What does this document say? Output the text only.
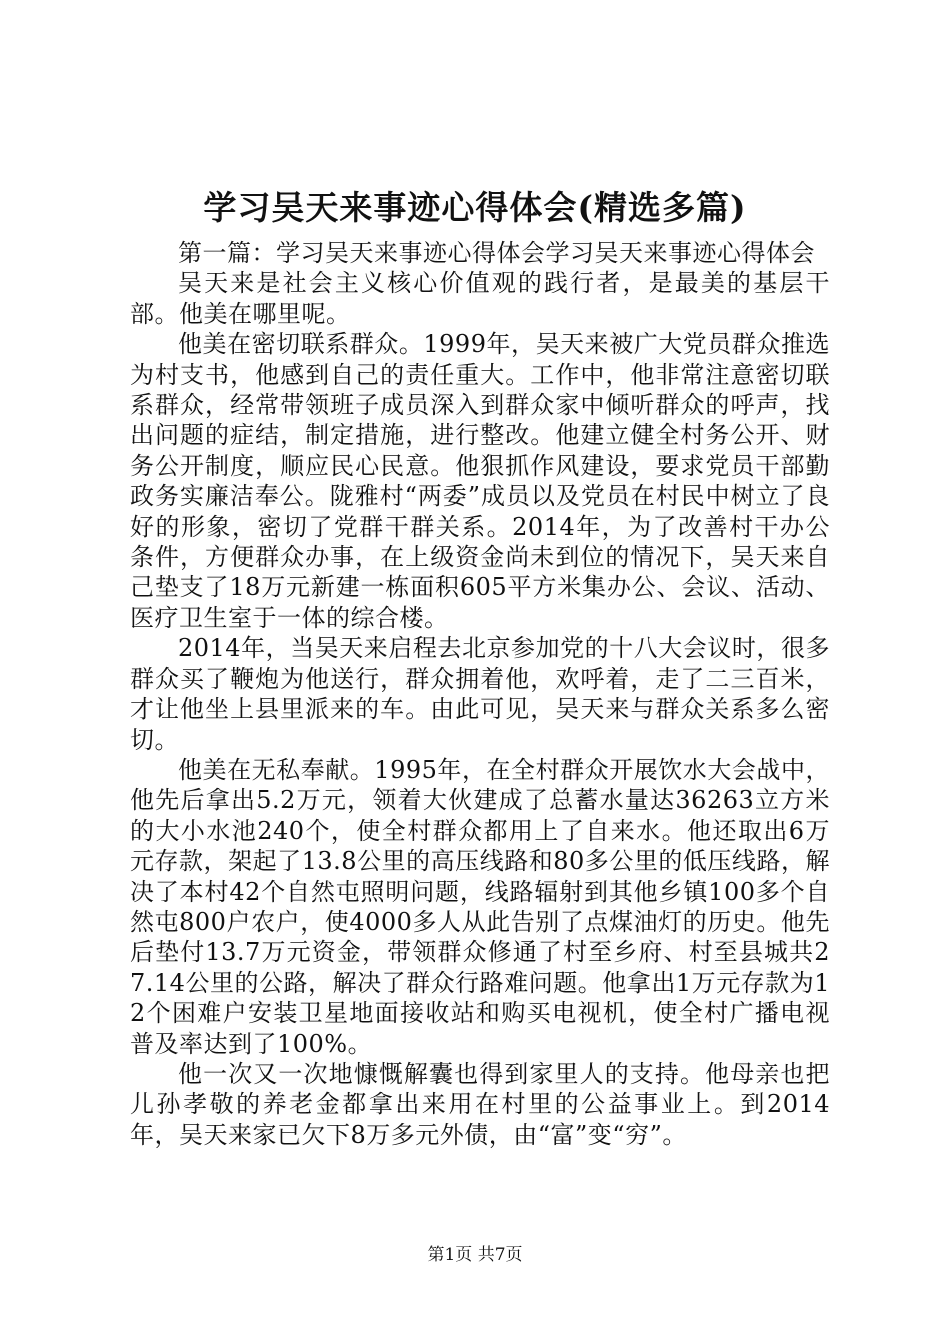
学习吴天来事迹心得体会(精选多篇)

第一篇：学习吴天来事迹心得体会学习吴天来事迹心得体会

吴天来是社会主义核心价值观的践行者，是最美的基层干部。他美在哪里呢。

他美在密切联系群众。1999年，吴天来被广大党员群众推选为村支书，他感到自己的责任重大。工作中，他非常注意密切联系群众，经常带领班子成员深入到群众家中倾听群众的呼声，找出问题的症结，制定措施，进行整改。他建立健全村务公开、财务公开制度，顺应民心民意。他狠抓作风建设，要求党员干部勤政务实廉洁奉公。陇雅村“两委”成员以及党员在村民中树立了良好的形象，密切了党群干群关系。2014年，为了改善村干办公条件，方便群众办事，在上级资金尚未到位的情况下，吴天来自己垫支了18万元新建一栋面积605平方米集办公、会议、活动、医疗卫生室于一体的综合楼。

2014年，当吴天来启程去北京参加党的十八大会议时，很多群众买了鞭炮为他送行，群众拥着他，欢呼着，走了二三百米，才让他坐上县里派来的车。由此可见，吴天来与群众关系多么密切。

他美在无私奉献。1995年，在全村群众开展饮水大会战中，他先后拿出5.2万元，领着大伙建成了总蓄水量达36263立方米的大小水池240个，使全村群众都用上了自来水。他还取出6万元存款，架起了13.8公里的高压线路和80多公里的低压线路，解决了本村42个自然屯照明问题，线路辐射到其他乡镇100多个自然屯800户农户，使4000多人从此告别了点煤油灯的历史。他先后垫付13.7万元资金，带领群众修通了村至乡府、村至县城共27.14公里的公路，解决了群众行路难问题。他拿出1万元存款为12个困难户安装卫星地面接收站和购买电视机，使全村广播电视普及率达到了100%。

他一次又一次地慷慨解囊也得到家里人的支持。他母亲也把儿孙孝敬的养老金都拿出来用在村里的公益事业上。到2014年，吴天来家已欠下8万多元外债，由“富”变“穷”。

第1页 共7页
